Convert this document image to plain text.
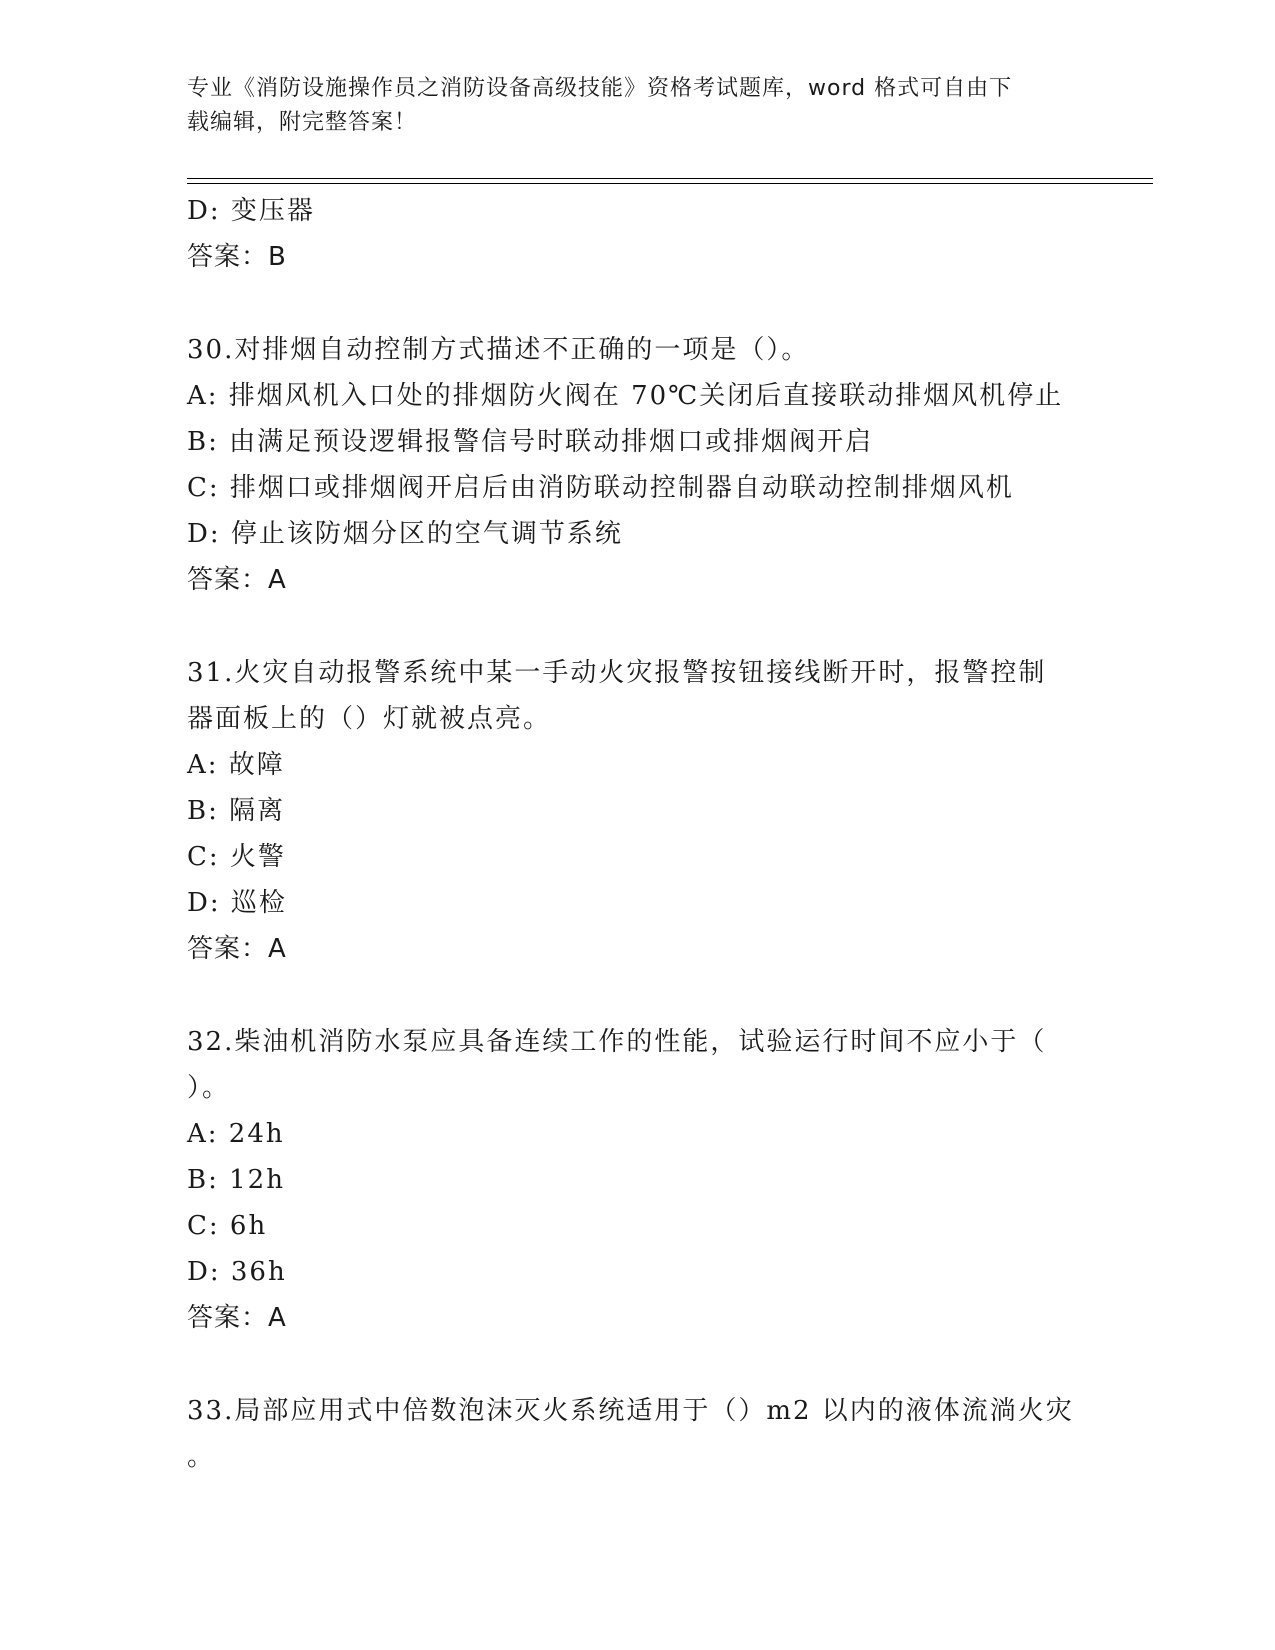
专业《消防设施操作员之消防设备高级技能》资格考试题库，word 格式可自由下
载编辑，附完整答案！
D: 变压器
答案：B
30.对排烟自动控制方式描述不正确的一项是（）。
A: 排烟风机入口处的排烟防火阀在 70℃关闭后直接联动排烟风机停止
B: 由满足预设逻辑报警信号时联动排烟口或排烟阀开启
C: 排烟口或排烟阀开启后由消防联动控制器自动联动控制排烟风机
D: 停止该防烟分区的空气调节系统
答案：A
31.火灾自动报警系统中某一手动火灾报警按钮接线断开时，报警控制
器面板上的（）灯就被点亮。
A: 故障
B: 隔离
C: 火警
D: 巡检
答案：A
32.柴油机消防水泵应具备连续工作的性能，试验运行时间不应小于（
）。
A: 24h
B: 12h
C: 6h
D: 36h
答案：A
33.局部应用式中倍数泡沫灭火系统适用于（）m2 以内的液体流淌火灾
。
